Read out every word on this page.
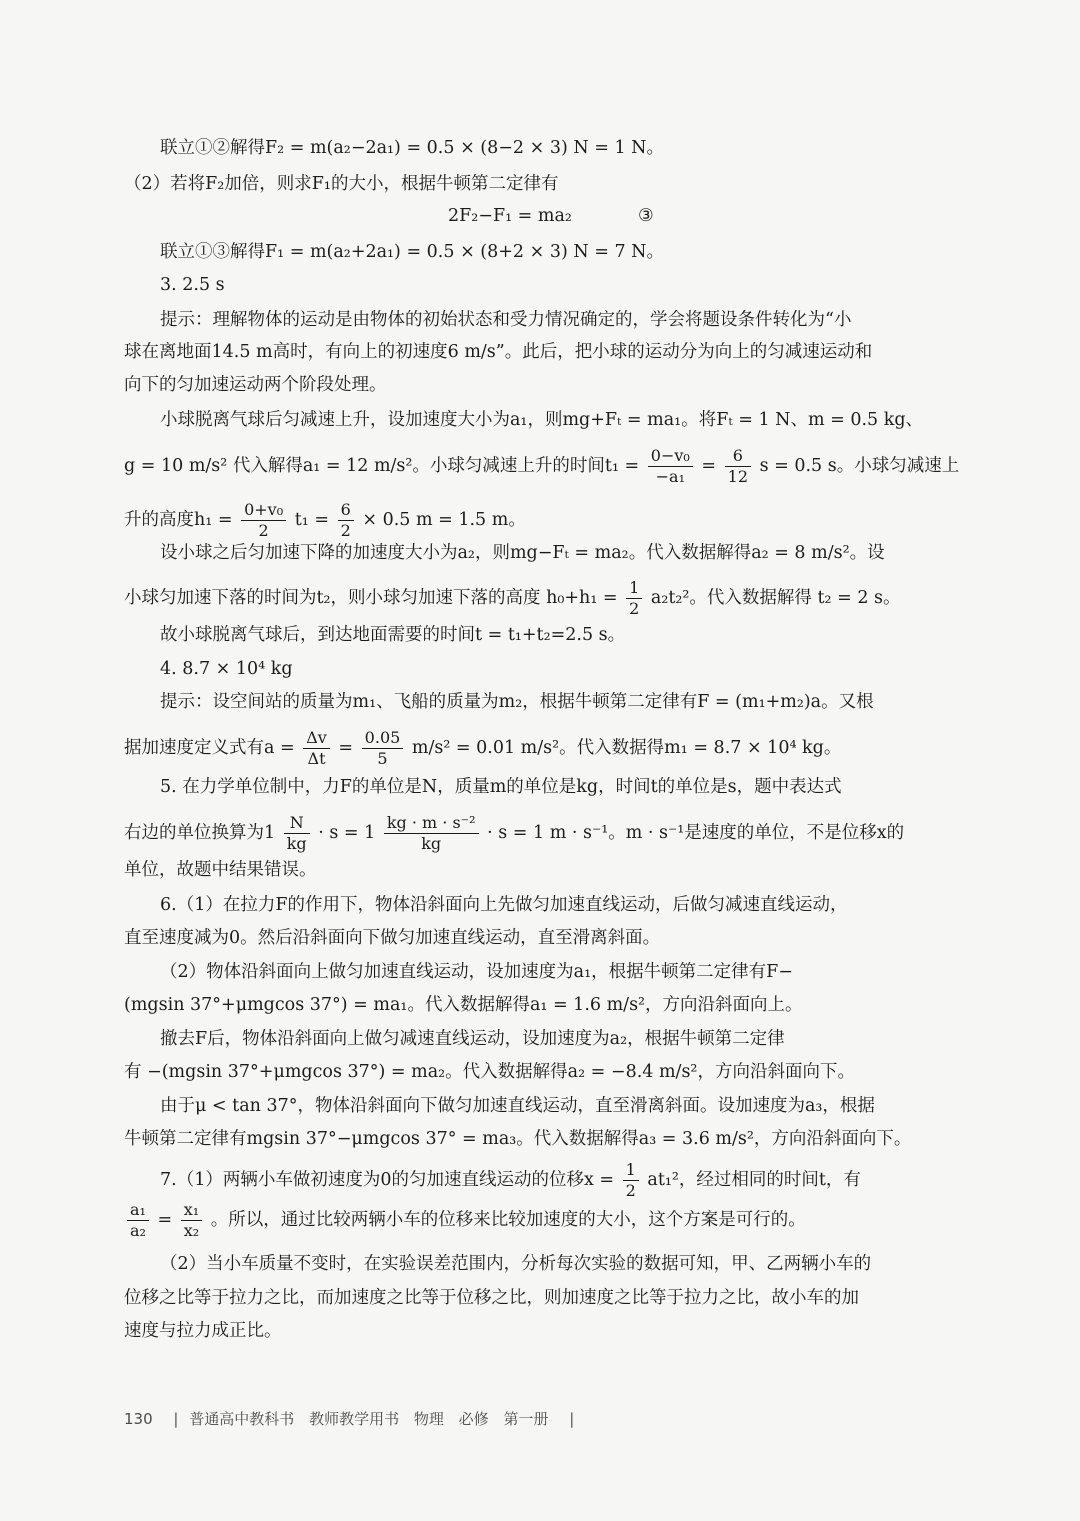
联立①②解得F₂ = m(a₂−2a₁) = 0.5 × (8−2 × 3) N = 1 N。
（2）若将F₂加倍，则求F₁的大小，根据牛顿第二定律有
2F₂−F₁ = ma₂	③
联立①③解得F₁ = m(a₂+2a₁) = 0.5 × (8+2 × 3) N = 7 N。
3. 2.5 s
提示：理解物体的运动是由物体的初始状态和受力情况确定的，学会将题设条件转化为“小
球在离地面14.5 m高时，有向上的初速度6 m/s”。此后，把小球的运动分为向上的匀减速运动和
向下的匀加速运动两个阶段处理。
小球脱离气球后匀减速上升，设加速度大小为a₁，则mg+Fₜ = ma₁。将Fₜ = 1 N、m = 0.5 kg、
g = 10 m/s² 代入解得a₁ = 12 m/s²。小球匀减速上升的时间$t_1 = \frac{\text{0−v₀}}{\text{−a₁}} = \frac{6}{12}$ s = 0.5 s。小球匀减速上
升的高度$h_1 = \frac{\text{0+v₀}}{2} t_1 = \frac{6}{2} \times 0.5$ m = 1.5 m。
设小球之后匀加速下降的加速度大小为a₂，则mg−Fₜ = ma₂。代入数据解得a₂ = 8 m/s²。设
小球匀加速下落的时间为t₂，则小球匀加速下落的高度 $h_0+h_1 = \frac{1}{2} a_2t_2^2$。代入数据解得 t₂ = 2 s。
故小球脱离气球后，到达地面需要的时间t = t₁+t₂=2.5 s。
4. 8.7 × 10⁴ kg
提示：设空间站的质量为m₁、飞船的质量为m₂，根据牛顿第二定律有F = (m₁+m₂)a。又根
据加速度定义式有$a = \frac{\Delta v}{\Delta t} = \frac{0.05}{5} m/s^2 = 0.01$ m/s²。代入数据得m₁ = 8.7 × 10⁴ kg。
5. 在力学单位制中，力F的单位是N，质量m的单位是kg，时间t的单位是s，题中表达式
右边的单位换算为$1 \frac{N}{kg} \cdot s = 1 \frac{\text{kg · m · s⁻²}}{kg} \cdot s = 1$ m · s⁻¹。m · s⁻¹是速度的单位，不是位移x的
单位，故题中结果错误。
6.（1）在拉力F的作用下，物体沿斜面向上先做匀加速直线运动，后做匀减速直线运动，
直至速度减为0。然后沿斜面向下做匀加速直线运动，直至滑离斜面。
（2）物体沿斜面向上做匀加速直线运动，设加速度为a₁，根据牛顿第二定律有F−
(mgsin 37°+μmgcos 37°) = ma₁。代入数据解得a₁ = 1.6 m/s²，方向沿斜面向上。
撤去F后，物体沿斜面向上做匀减速直线运动，设加速度为a₂，根据牛顿第二定律
有 −(mgsin 37°+μmgcos 37°) = ma₂。代入数据解得a₂ = −8.4 m/s²，方向沿斜面向下。
由于μ < tan 37°，物体沿斜面向下做匀加速直线运动，直至滑离斜面。设加速度为a₃，根据
牛顿第二定律有mgsin 37°−μmgcos 37° = ma₃。代入数据解得a₃ = 3.6 m/s²，方向沿斜面向下。
7.（1）两辆小车做初速度为0的匀加速直线运动的位移$x = \frac{1}{2} at_1^2$，经过相同的时间t，有
$\frac{\text{a₁}}{\text{a₂}} = \frac{\text{x₁}}{\text{x₂}}$ 。所以，通过比较两辆小车的位移来比较加速度的大小，这个方案是可行的。
（2）当小车质量不变时，在实验误差范围内，分析每次实验的数据可知，甲、乙两辆小车的
位移之比等于拉力之比，而加速度之比等于位移之比，则加速度之比等于拉力之比，故小车的加
速度与拉力成正比。
130 | 普通高中教科书 教师教学用书 物理 必修 第一册 |
